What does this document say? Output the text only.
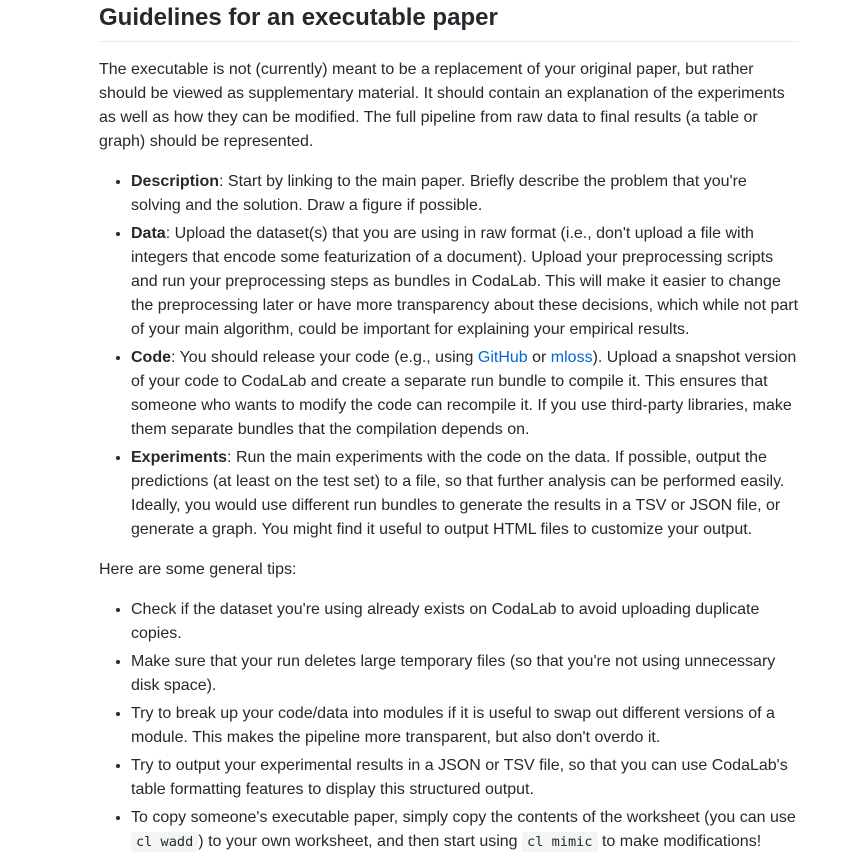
Guidelines for an executable paper

The executable is not (currently) meant to be a replacement of your original paper, but rather should be viewed as supplementary material. It should contain an explanation of the experiments as well as how they can be modified. The full pipeline from raw data to final results (a table or graph) should be represented.

• Description: Start by linking to the main paper. Briefly describe the problem that you're solving and the solution. Draw a figure if possible.
• Data: Upload the dataset(s) that you are using in raw format (i.e., don't upload a file with integers that encode some featurization of a document). Upload your preprocessing scripts and run your preprocessing steps as bundles in CodaLab. This will make it easier to change the preprocessing later or have more transparency about these decisions, which while not part of your main algorithm, could be important for explaining your empirical results.
• Code: You should release your code (e.g., using GitHub or mloss). Upload a snapshot version of your code to CodaLab and create a separate run bundle to compile it. This ensures that someone who wants to modify the code can recompile it. If you use third-party libraries, make them separate bundles that the compilation depends on.
• Experiments: Run the main experiments with the code on the data. If possible, output the predictions (at least on the test set) to a file, so that further analysis can be performed easily. Ideally, you would use different run bundles to generate the results in a TSV or JSON file, or generate a graph. You might find it useful to output HTML files to customize your output.

Here are some general tips:

• Check if the dataset you're using already exists on CodaLab to avoid uploading duplicate copies.
• Make sure that your run deletes large temporary files (so that you're not using unnecessary disk space).
• Try to break up your code/data into modules if it is useful to swap out different versions of a module. This makes the pipeline more transparent, but also don't overdo it.
• Try to output your experimental results in a JSON or TSV file, so that you can use CodaLab's table formatting features to display this structured output.
• To copy someone's executable paper, simply copy the contents of the worksheet (you can use cl wadd ) to your own worksheet, and then start using cl mimic to make modifications!
